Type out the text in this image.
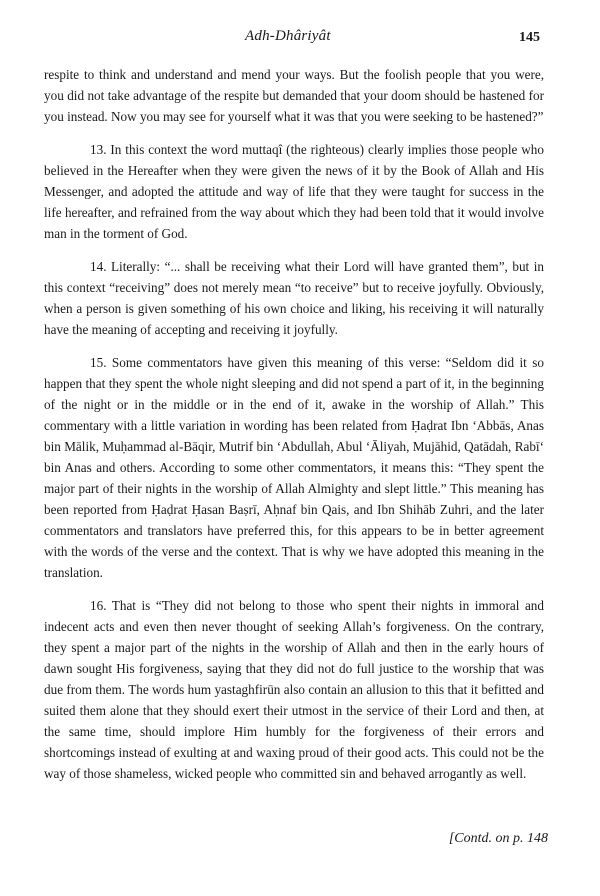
Adh-Dhâriyât	145

respite to think and understand and mend your ways. But the foolish people that you were, you did not take advantage of the respite but demanded that your doom should be hastened for you instead. Now you may see for yourself what it was that you were seeking to be hastened?”

13. In this context the word muttaqî (the righteous) clearly implies those people who believed in the Hereafter when they were given the news of it by the Book of Allah and His Messenger, and adopted the attitude and way of life that they were taught for success in the life hereafter, and refrained from the way about which they had been told that it would involve man in the torment of God.

14. Literally: “... shall be receiving what their Lord will have granted them”, but in this context “receiving” does not merely mean “to receive” but to receive joyfully. Obviously, when a person is given something of his own choice and liking, his receiving it will naturally have the meaning of accepting and receiving it joyfully.

15. Some commentators have given this meaning of this verse: “Seldom did it so happen that they spent the whole night sleeping and did not spend a part of it, in the beginning of the night or in the middle or in the end of it, awake in the worship of Allah.” This commentary with a little variation in wording has been related from Ḥaḍrat Ibn ‘Abbās, Anas bin Mālik, Muḥammad al-Bāqir, Mutrif bin ‘Abdullah, Abul ‘Āliyah, Mujāhid, Qatādah, Rabī‘ bin Anas and others. According to some other commentators, it means this: “They spent the major part of their nights in the worship of Allah Almighty and slept little.” This meaning has been reported from Ḥaḍrat Ḥasan Baṣrī, Aḥnaf bin Qais, and Ibn Shihāb Zuhri, and the later commentators and translators have preferred this, for this appears to be in better agreement with the words of the verse and the context. That is why we have adopted this meaning in the translation.

16. That is “They did not belong to those who spent their nights in immoral and indecent acts and even then never thought of seeking Allah’s forgiveness. On the contrary, they spent a major part of the nights in the worship of Allah and then in the early hours of dawn sought His forgiveness, saying that they did not do full justice to the worship that was due from them. The words hum yastaghfirūn also contain an allusion to this that it befitted and suited them alone that they should exert their utmost in the service of their Lord and then, at the same time, should implore Him humbly for the forgiveness of their errors and shortcomings instead of exulting at and waxing proud of their good acts. This could not be the way of those shameless, wicked people who committed sin and behaved arrogantly as well.

[Contd. on p. 148
